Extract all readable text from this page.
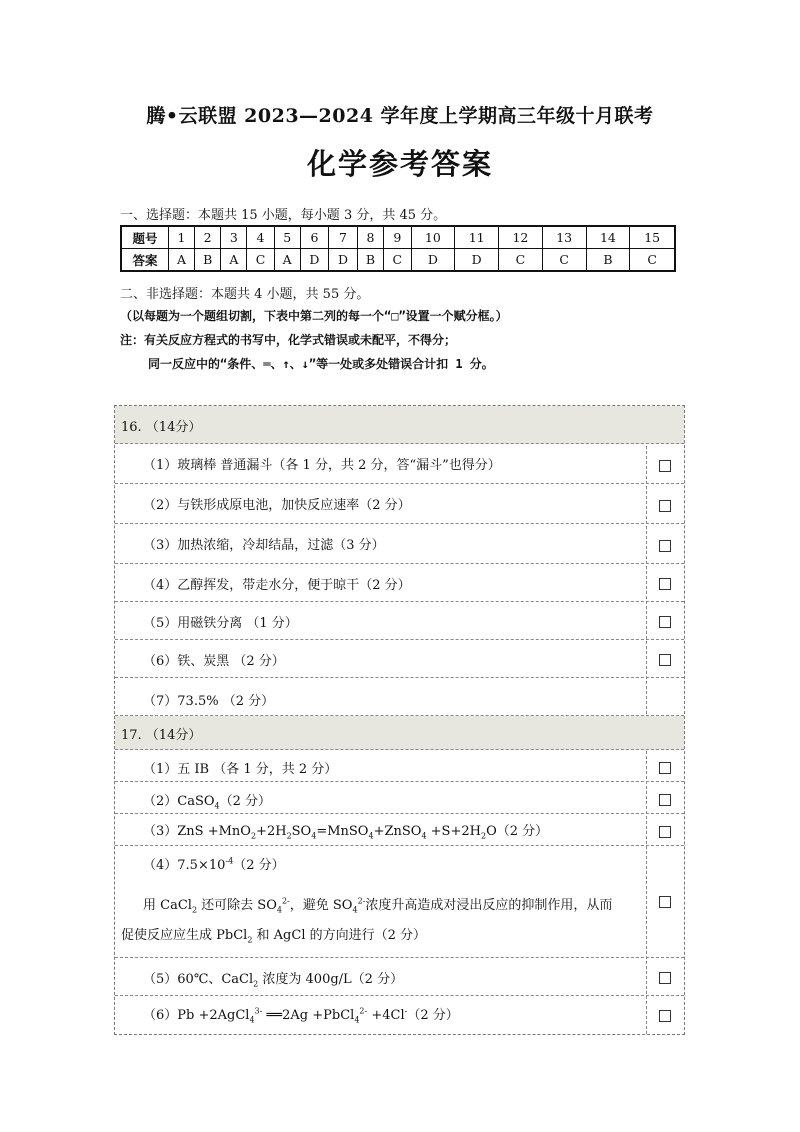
腾•云联盟 2023—2024 学年度上学期高三年级十月联考
化学参考答案
一、选择题：本题共 15 小题，每小题 3 分，共 45 分。
题号	1	2	3	4	5	6	7	8	9	10	11	12	13	14	15
答案	A	B	A	C	A	D	D	B	C	D	D	C	C	B	C
二、非选择题：本题共 4 小题，共 55 分。
（以每题为一个题组切割，下表中第二列的每一个“□”设置一个赋分框。）
注：有关反应方程式的书写中，化学式错误或未配平，不得分；
同一反应中的“条件、═、↑、↓”等一处或多处错误合计扣 1 分。
16. （14分）
（1）玻璃棒 普通漏斗（各 1 分，共 2 分，答“漏斗”也得分）
（2）与铁形成原电池，加快反应速率（2 分）
（3）加热浓缩，冷却结晶，过滤（3 分）
（4）乙醇挥发，带走水分，便于晾干（2 分）
（5）用磁铁分离 （1 分）
（6）铁、炭黑 （2 分）
（7）73.5% （2 分）
17. （14分）
（1）五 IB （各 1 分，共 2 分）
（2）CaSO$_4$（2 分）
$(3)ZnS +MnO_2+2H_2SO_4=MnSO_4+ZnSO_4 +S+2H_2O(2$ 分）
$(4)7.5\times 10^{-4}(2$ 分）
用 CaCl$_2$ 还可除去 $SO_4^{2-}$，避免 $SO_4^{2-}$浓度升高造成对浸出反应的抑制作用，从而
促使反应应生成 PbCl$_2$ 和 AgCl 的方向进行（2 分）
（5）60℃、CaCl$_2$ 浓度为 400g/L（2 分）
（6）Pb +2AgCl$_4^{3-}$ ══2Ag +PbCl$_4^{2-}$ +4Cl-（2 分）
